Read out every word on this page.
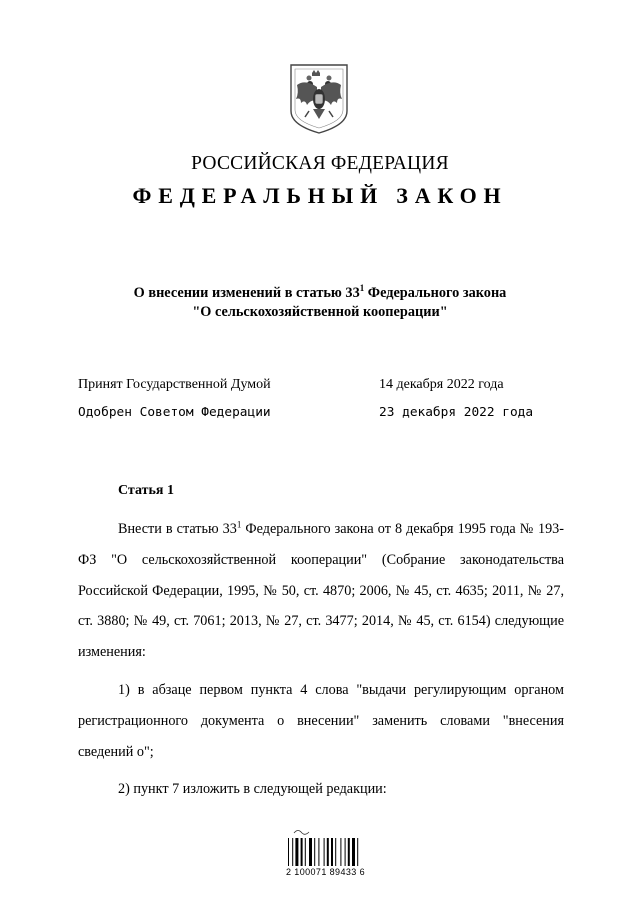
РОССИЙСКАЯ ФЕДЕРАЦИЯ
ФЕДЕРАЛЬНЫЙ ЗАКОН
О внесении изменений в статью $33^1$ Федерального закона
"О сельскохозяйственной кооперации"
Принят Государственной Думой	14 декабря 2022 года
Одобрен Советом Федерации	23 декабря 2022 года
Статья 1

Внести в статью $33^1$ Федерального закона от 8 декабря 1995 года № 193-ФЗ "О сельскохозяйственной кооперации" (Собрание законодательства Российской Федерации, 1995, № 50, ст. 4870; 2006, № 45, ст. 4635; 2011, № 27, ст. 3880; № 49, ст. 7061; 2013, № 27, ст. 3477; 2014, № 45, ст. 6154) следующие изменения:

1) в абзаце первом пункта 4 слова "выдачи регулирующим органом регистрационного документа о внесении" заменить словами "внесения сведений о";

2) пункт 7 изложить в следующей редакции:

2 100071 89433 6
